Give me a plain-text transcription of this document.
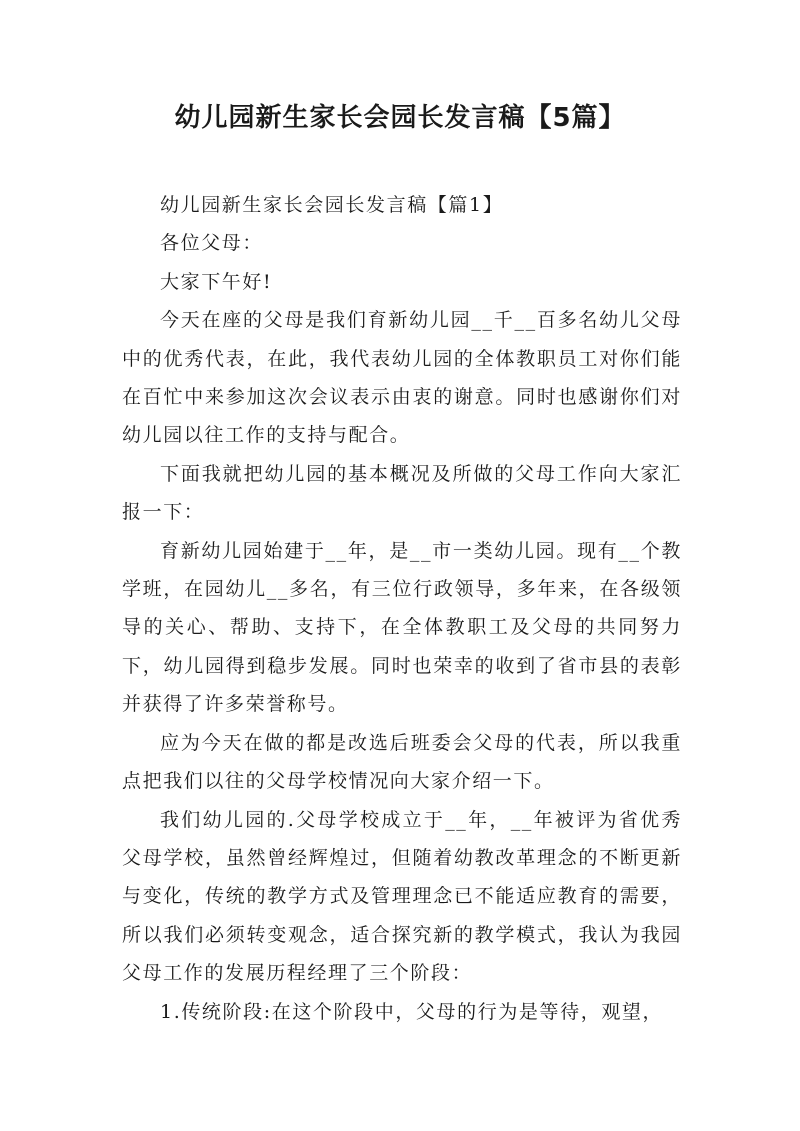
幼儿园新生家长会园长发言稿【5篇】

幼儿园新生家长会园长发言稿【篇1】

各位父母：

大家下午好!

今天在座的父母是我们育新幼儿园__千__百多名幼儿父母中的优秀代表，在此，我代表幼儿园的全体教职员工对你们能在百忙中来参加这次会议表示由衷的谢意。同时也感谢你们对幼儿园以往工作的支持与配合。

下面我就把幼儿园的基本概况及所做的父母工作向大家汇报一下：

育新幼儿园始建于__年，是__市一类幼儿园。现有__个教学班，在园幼儿__多名，有三位行政领导，多年来，在各级领导的关心、帮助、支持下，在全体教职工及父母的共同努力下，幼儿园得到稳步发展。同时也荣幸的收到了省市县的表彰并获得了许多荣誉称号。

应为今天在做的都是改选后班委会父母的代表，所以我重点把我们以往的父母学校情况向大家介绍一下。

我们幼儿园的.父母学校成立于__年，__年被评为省优秀父母学校，虽然曾经辉煌过，但随着幼教改革理念的不断更新与变化，传统的教学方式及管理理念已不能适应教育的需要，所以我们必须转变观念，适合探究新的教学模式，我认为我园父母工作的发展历程经理了三个阶段：

1.传统阶段:在这个阶段中，父母的行为是等待，观望，
